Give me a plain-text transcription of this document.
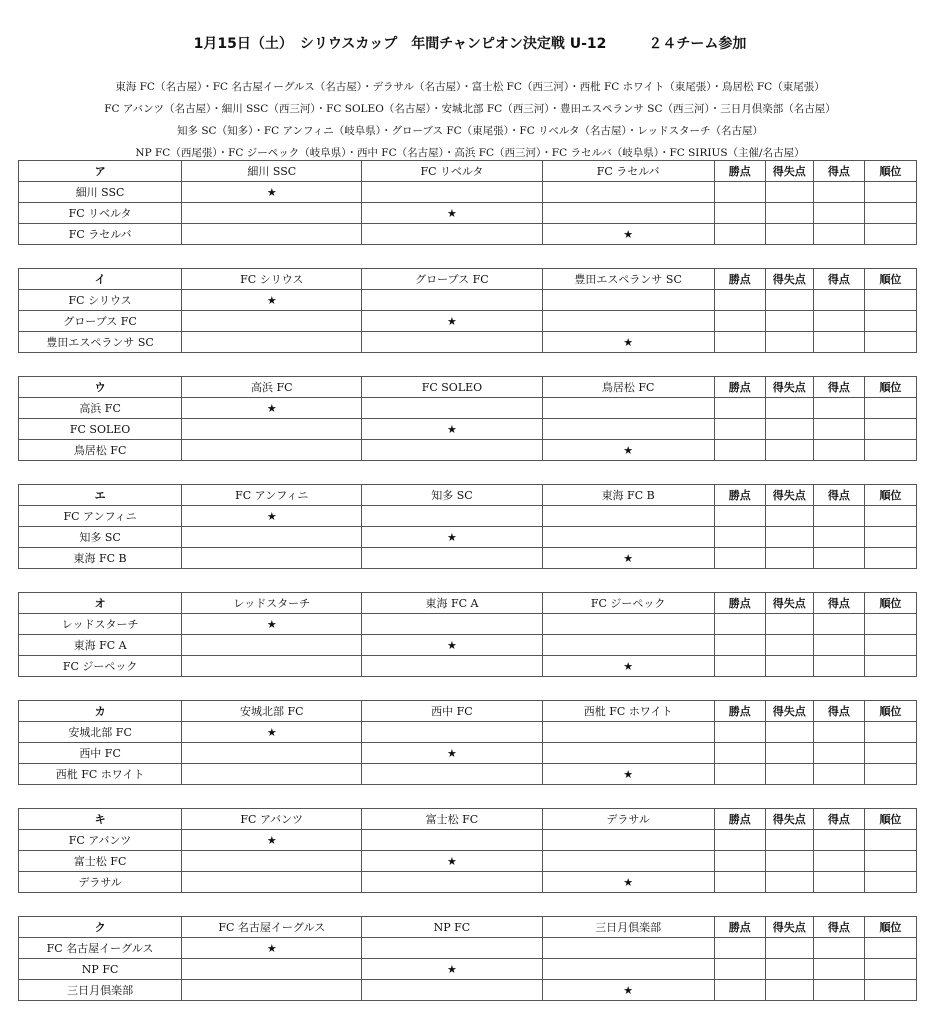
1月15日（土）　シリウスカップ　年間チャンピオン決定戦 U-12　　　２４チーム参加
東海 FC（名古屋）・FC 名古屋イーグルス（名古屋）・デラサル（名古屋）・富士松 FC（西三河）・西枇 FC ホワイト（東尾張）・鳥居松 FC（東尾張）
FC アバンツ（名古屋）・細川 SSC（西三河）・FC SOLEO（名古屋）・安城北部 FC（西三河）・豊田エスペランサ SC（西三河）・三日月倶楽部（名古屋）
知多 SC（知多）・FC アンフィニ（岐阜県）・グローブス FC（東尾張）・FC リベルタ（名古屋）・レッドスターチ（名古屋）
NP FC（西尾張）・FC ジーペック（岐阜県）・西中 FC（名古屋）・高浜 FC（西三河）・FC ラセルバ（岐阜県）・FC SIRIUS（主催/名古屋）
ア	細川 SSC	FC リベルタ	FC ラセルバ	勝点	得失点	得点	順位
細川 SSC	★						
FC リベルタ		★					
FC ラセルバ			★				
イ	FC シリウス	グローブス FC	豊田エスペランサ SC	勝点	得失点	得点	順位
FC シリウス	★						
グローブス FC		★					
豊田エスペランサ SC			★				
ウ	高浜 FC	FC SOLEO	鳥居松 FC	勝点	得失点	得点	順位
高浜 FC	★						
FC SOLEO		★					
鳥居松 FC			★				
エ	FC アンフィニ	知多 SC	東海 FC B	勝点	得失点	得点	順位
FC アンフィニ	★						
知多 SC		★					
東海 FC B			★				
オ	レッドスターチ	東海 FC A	FC ジーペック	勝点	得失点	得点	順位
レッドスターチ	★						
東海 FC A		★					
FC ジーペック			★				
カ	安城北部 FC	西中 FC	西枇 FC ホワイト	勝点	得失点	得点	順位
安城北部 FC	★						
西中 FC		★					
西枇 FC ホワイト			★				
キ	FC アバンツ	富士松 FC	デラサル	勝点	得失点	得点	順位
FC アバンツ	★						
富士松 FC		★					
デラサル			★				
ク	FC 名古屋イーグルス	NP FC	三日月倶楽部	勝点	得失点	得点	順位
FC 名古屋イーグルス	★						
NP FC		★					
三日月倶楽部			★				
